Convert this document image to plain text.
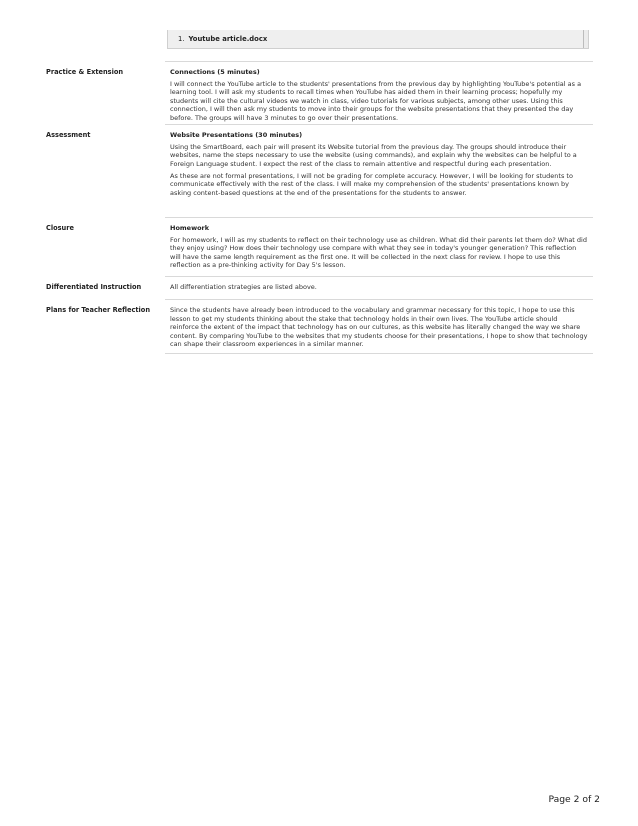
1. Youtube article.docx
Practice & Extension	Connections (5 minutes)

I will connect the YouTube article to the students' presentations from the previous day by highlighting YouTube's potential as a learning tool. I will ask my students to recall times when YouTube has aided them in their learning process; hopefully my students will cite the cultural videos we watch in class, video tutorials for various subjects, among other uses. Using this connection, I will then ask my students to move into their groups for the website presentations that they presented the day before. The groups will have 3 minutes to go over their presentations.

Assessment	Website Presentations (30 minutes)

Using the SmartBoard, each pair will present its Website tutorial from the previous day. The groups should introduce their websites, name the steps necessary to use the website (using commands), and explain why the websites can be helpful to a Foreign Language student. I expect the rest of the class to remain attentive and respectful during each presentation.

As these are not formal presentations, I will not be grading for complete accuracy. However, I will be looking for students to communicate effectively with the rest of the class. I will make my comprehension of the students' presentations known by asking content-based questions at the end of the presentations for the students to answer.

Closure	Homework

For homework, I will as my students to reflect on their technology use as children. What did their parents let them do? What did they enjoy using? How does their technology use compare with what they see in today's younger generation? This reflection will have the same length requirement as the first one. It will be collected in the next class for review. I hope to use this reflection as a pre-thinking activity for Day 5's lesson.

Differentiated Instruction	All differentiation strategies are listed above.

Plans for Teacher Reflection	Since the students have already been introduced to the vocabulary and grammar necessary for this topic, I hope to use this lesson to get my students thinking about the stake that technology holds in their own lives. The YouTube article should reinforce the extent of the impact that technology has on our cultures, as this website has literally changed the way we share content. By comparing YouTube to the websites that my students choose for their presentations, I hope to show that technology can shape their classroom experiences in a similar manner.

Page 2 of 2
